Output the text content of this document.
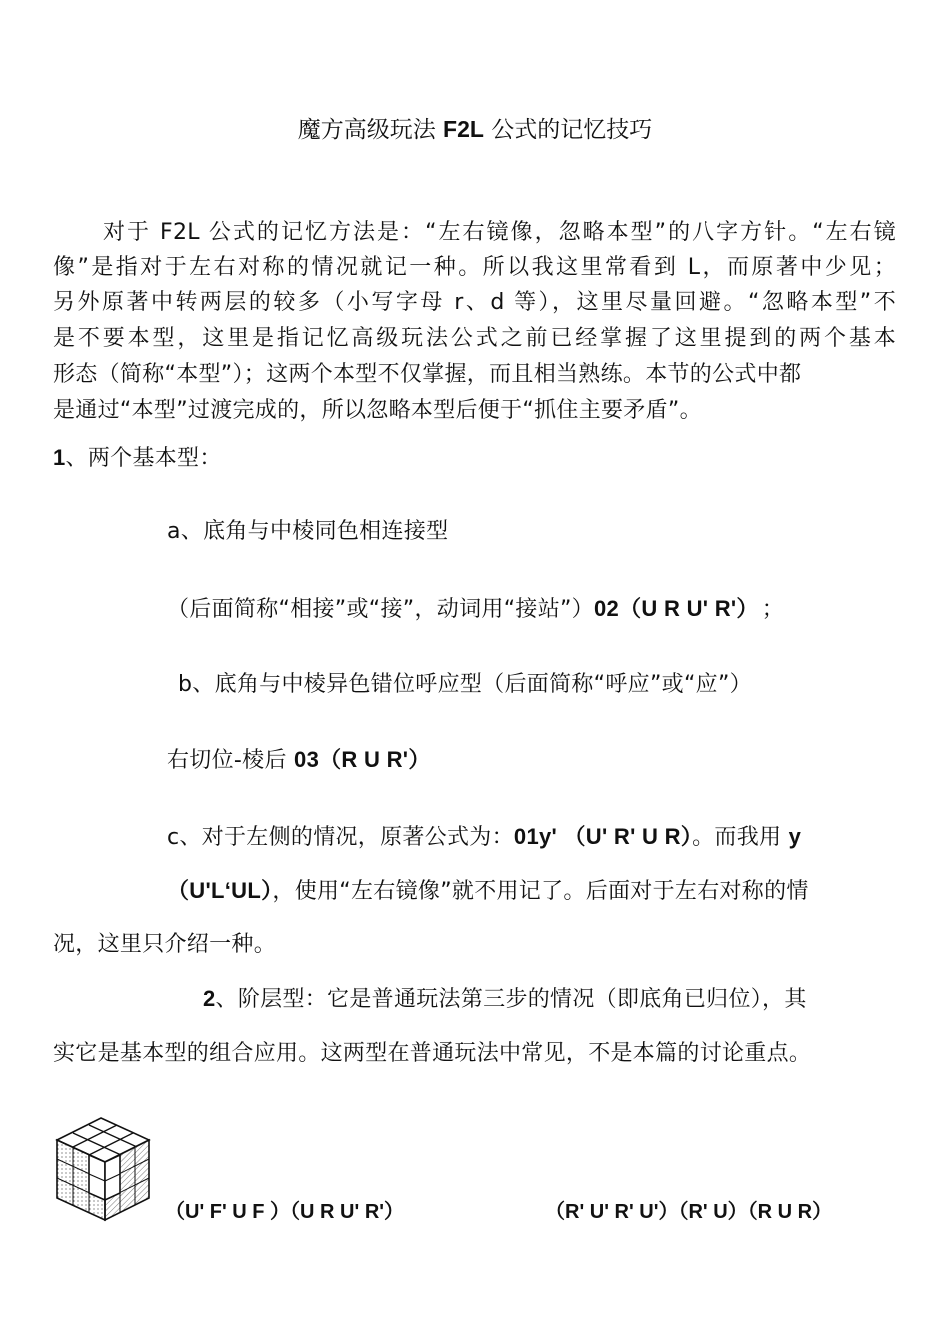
魔方高级玩法 F2L 公式的记忆技巧
对于 F2L 公式的记忆方法是：“左右镜像，忽略本型”的八字方针。“左右镜
像”是指对于左右对称的情况就记一种。所以我这里常看到 L，而原著中少见；
另外原著中转两层的较多（小写字母 r、d 等），这里尽量回避。“忽略本型”不
是不要本型，这里是指记忆高级玩法公式之前已经掌握了这里提到的两个基本
形态（简称“本型”）；这两个本型不仅掌握，而且相当熟练。本节的公式中都
是通过“本型”过渡完成的，所以忽略本型后便于“抓住主要矛盾”。
1、两个基本型：
a、底角与中棱同色相连接型
（后面简称“相接”或“接”，动词用“接站”）02（U R U' R'） ；
b、底角与中棱异色错位呼应型（后面简称“呼应”或“应”）
右切位-棱后 03（R U R'）
c、对于左侧的情况，原著公式为：01y' （U' R' U R）。而我用 y
（U'L‘UL），使用“左右镜像”就不用记了。后面对于左右对称的情
况，这里只介绍一种。
2、阶层型：它是普通玩法第三步的情况（即底角已归位），其
实它是基本型的组合应用。这两型在普通玩法中常见，不是本篇的讨论重点。
（U' F' U F ）（U R U' R'）	（R' U' R' U'）（R' U）（R U R）
